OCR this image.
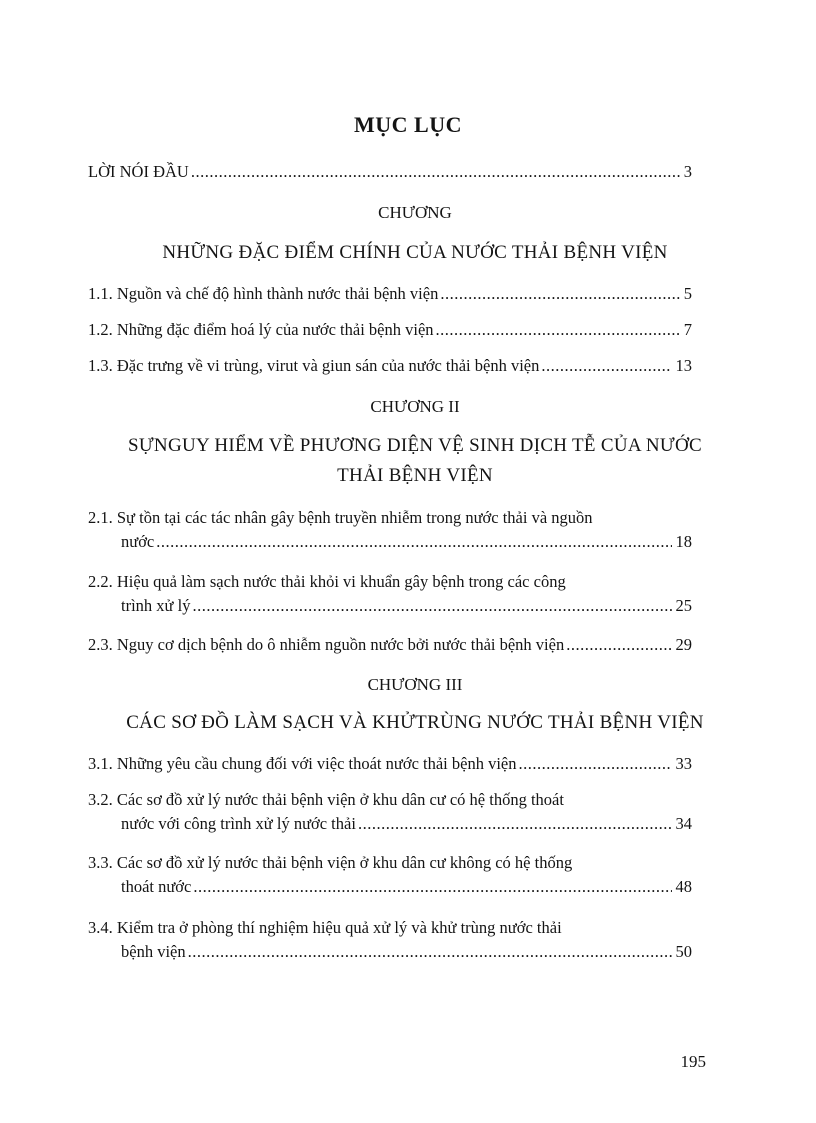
MỤC LỤC
LỜI NÓI ĐẦU .....	3
CHƯƠNG
NHỮNG ĐẶC ĐIỂM CHÍNH CỦA NƯỚC THẢI BỆNH VIỆN
1.1. Nguồn và chế độ hình thành nước thải bệnh viện .....	5
1.2. Những đặc điểm hoá lý của nước thải bệnh viện .....	7
1.3. Đặc trưng về vi trùng, virut và giun sán của nước thải bệnh viện .....	13
CHƯƠNG II
SỰNGUY HIỂM VỀ PHƯƠNG DIỆN VỆ SINH DỊCH TỄ CỦA NƯỚC
THẢI BỆNH VIỆN
2.1. Sự tồn tại các tác nhân gây bệnh truyền nhiễm trong nước thải và nguồn
nước .....	18
2.2. Hiệu quả làm sạch nước thải khỏi vi khuẩn gây bệnh trong các công
trình xử lý .....	25
2.3. Nguy cơ dịch bệnh do ô nhiễm nguồn nước bởi nước thải bệnh viện .....	29
CHƯƠNG III
CÁC SƠ ĐỒ LÀM SẠCH VÀ KHỬTRÙNG NƯỚC THẢI BỆNH VIỆN
3.1. Những yêu cầu chung đối với việc thoát nước thải bệnh viện .....	33
3.2. Các sơ đồ xử lý nước thải bệnh viện ở khu dân cư có hệ thống thoát
nước với công trình xử lý nước thải .....	34
3.3. Các sơ đồ xử lý nước thải bệnh viện ở khu dân cư không có hệ thống
thoát nước .....	48
3.4. Kiểm tra ở phòng thí nghiệm hiệu quả xử lý và khử trùng nước thải
bệnh viện .....	50
195
